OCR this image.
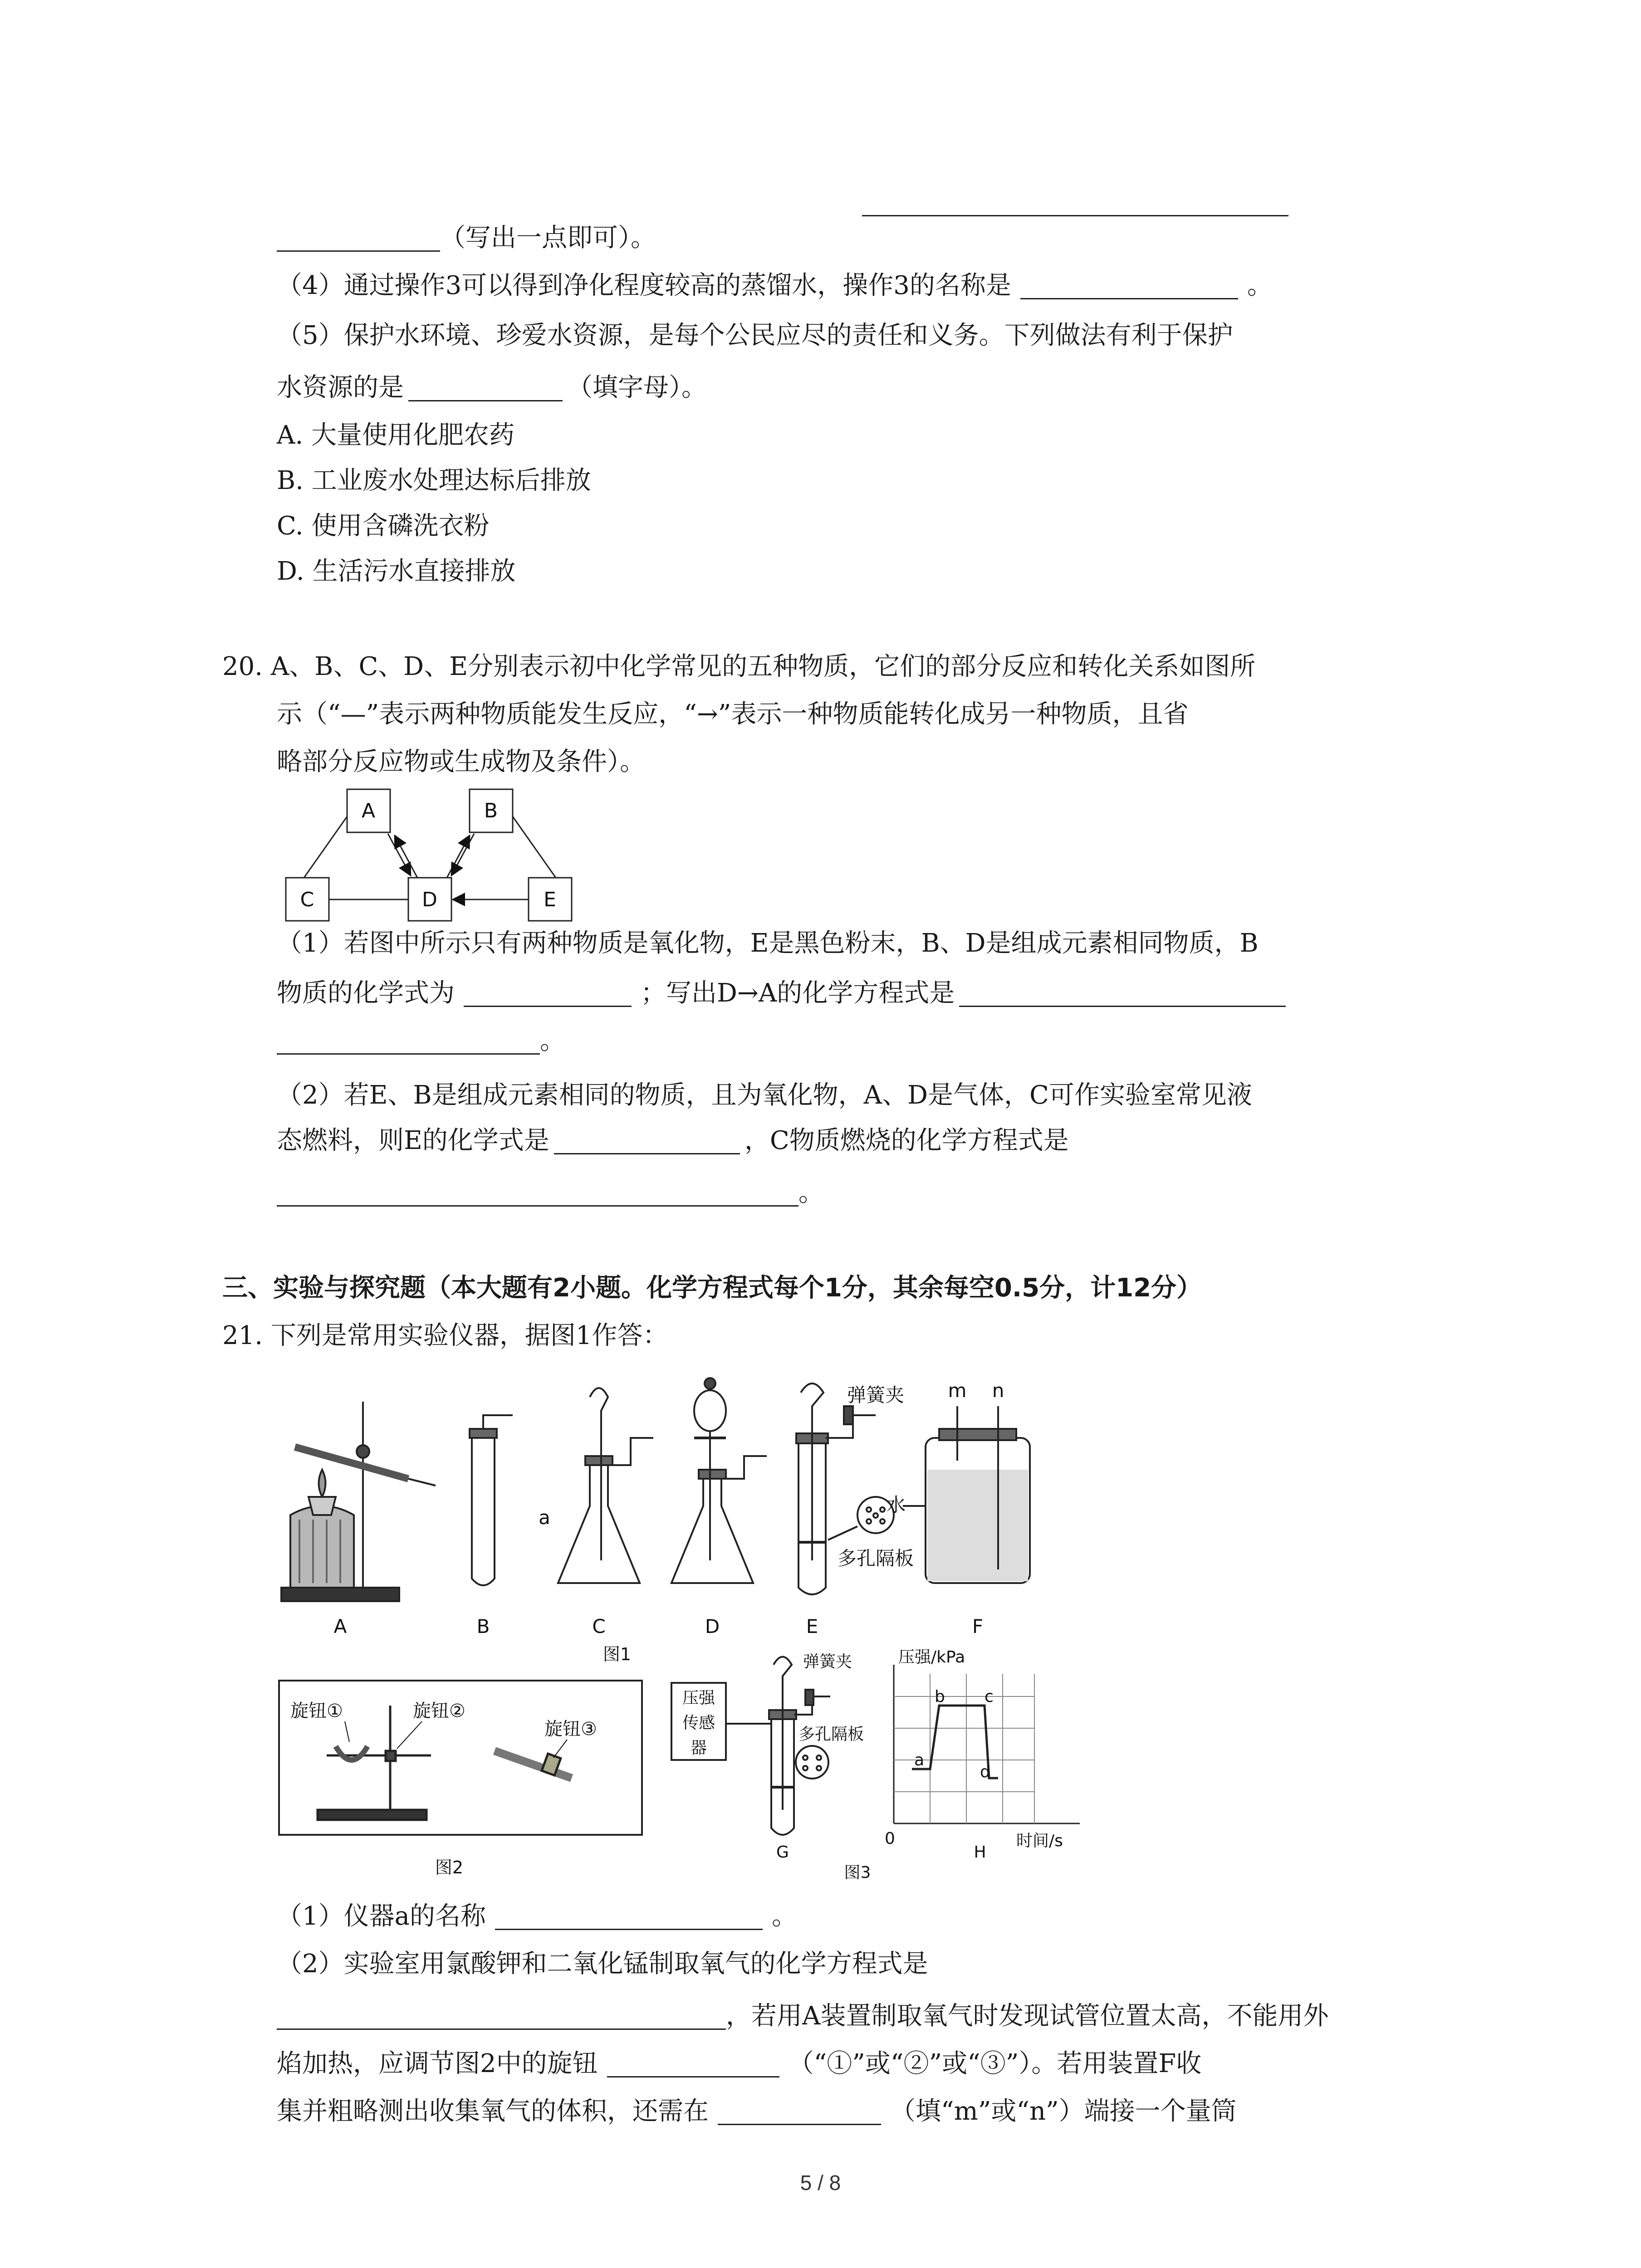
（写出一点即可）。
（4）通过操作3可以得到净化程度较高的蒸馏水，操作3的名称是	。
（5）保护水环境、珍爱水资源，是每个公民应尽的责任和义务。下列做法有利于保护
水资源的是	（填字母）。
A. 大量使用化肥农药
B. 工业废水处理达标后排放
C. 使用含磷洗衣粉
D. 生活污水直接排放
20. A、B、C、D、E分别表示初中化学常见的五种物质，它们的部分反应和转化关系如图所
示（“—”表示两种物质能发生反应，“→”表示一种物质能转化成另一种物质，且省
略部分反应物或生成物及条件）。
A	B
C	D	E
（1）若图中所示只有两种物质是氧化物，E是黑色粉末，B、D是组成元素相同物质，B
物质的化学式为	；写出D→A的化学方程式是
。
（2）若E、B是组成元素相同的物质，且为氧化物，A、D是气体，C可作实验室常见液
态燃料，则E的化学式是	，C物质燃烧的化学方程式是
。
三、实验与探究题（本大题有2小题。化学方程式每个1分，其余每空0.5分，计12分）
21. 下列是常用实验仪器，据图1作答：
A	B	C	D	E	F
a
m n
水
弹簧夹
多孔隔板
图1
旋钮①	旋钮②
旋钮③
图2
压强
传感
器
弹簧夹
多孔隔板
压强/kPa
时间/s
0
a
b c
d
G	H
图3
（1）仪器a的名称	。
（2）实验室用氯酸钾和二氧化锰制取氧气的化学方程式是
，若用A装置制取氧气时发现试管位置太高，不能用外
焰加热，应调节图2中的旋钮	（“①”或“②”或“③”）。若用装置F收
集并粗略测出收集氧气的体积，还需在	（填“m”或“n”）端接一个量筒
5 / 8
